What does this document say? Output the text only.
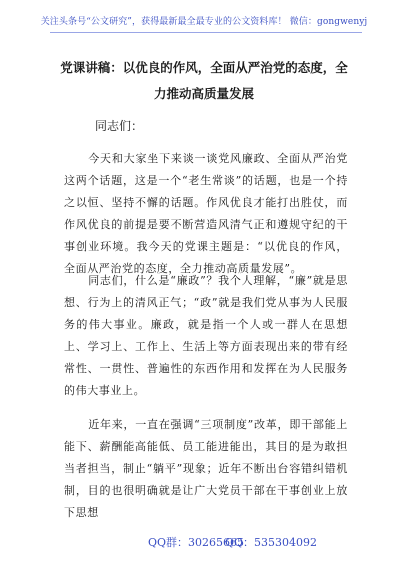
关注头条号“公文研究”，获得最新最全最专业的公文资料库！ 微信：gongwenyj
党课讲稿：以优良的作风，全面从严治党的态度，全力推动高质量发展
同志们：
今天和大家坐下来谈一谈党风廉政、全面从严治党这两个话题，这是一个“老生常谈”的话题，也是一个持之以恒、坚持不懈的话题。作风优良才能打出胜仗，而作风优良的前提是要不断营造风清气正和遵规守纪的干事创业环境。我今天的党课主题是：“以优良的作风，全面从严治党的态度，全力推动高质量发展”。
同志们，什么是“廉政”？我个人理解，“廉”就是思想、行为上的清风正气；“政”就是我们党从事为人民服务的伟大事业。廉政，就是指一个人或一群人在思想上、学习上、工作上、生活上等方面表现出来的带有经常性、一贯性、普遍性的东西作用和发挥在为人民服务的伟大事业上。
近年来，一直在强调“三项制度”改革，即干部能上能下、薪酬能高能低、员工能进能出，其目的是为敢担当者担当，制止“躺平”现象；近年不断出台容错纠错机制，目的也很明确就是让广大党员干部在干事创业上放下思想
QQ群：30265665
QQ：535304092
